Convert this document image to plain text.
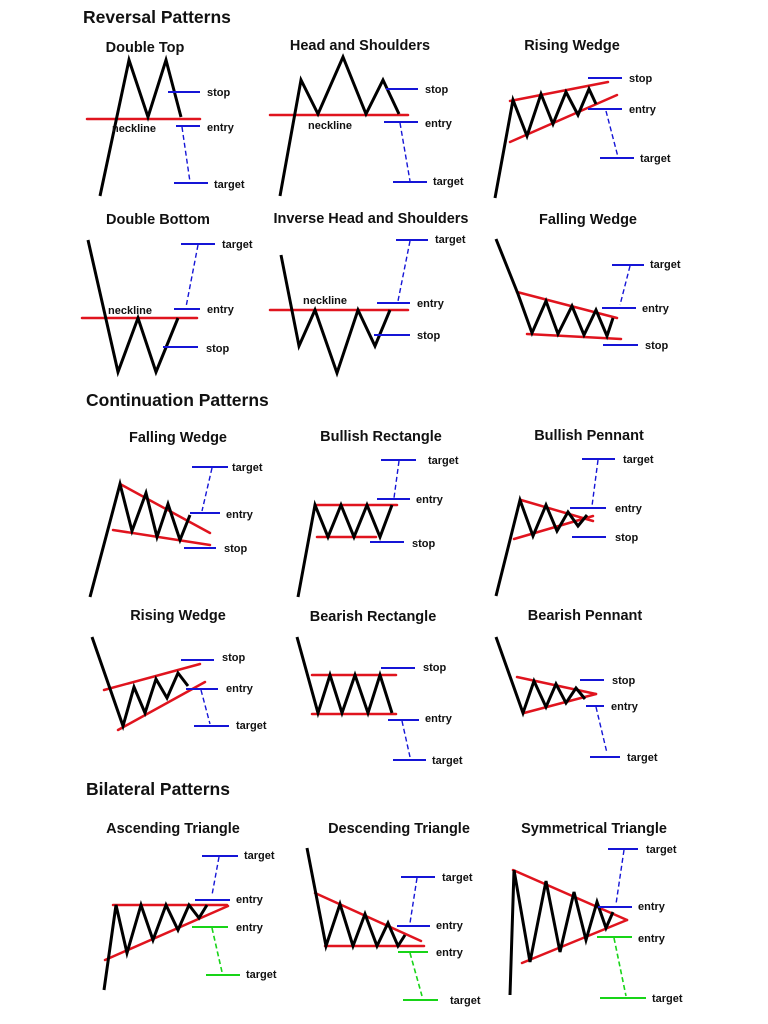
Reversal Patterns
Double Top
neckline
stop
entry
target
Head and Shoulders
neckline
stop
entry
target
Rising Wedge
stop
entry
target
Double Bottom
neckline
target
entry
stop
Inverse Head and Shoulders
neckline
target
entry
stop
Falling Wedge
target
entry
stop
Continuation Patterns
Falling Wedge
target
entry
stop
Bullish Rectangle
target
entry
stop
Bullish Pennant
target
entry
stop
Rising Wedge
stop
entry
target
Bearish Rectangle
stop
entry
target
Bearish Pennant
stop
entry
target
Bilateral Patterns
Ascending Triangle
target
entry
entry
target
Descending Triangle
target
entry
entry
target
Symmetrical Triangle
target
entry
entry
target
